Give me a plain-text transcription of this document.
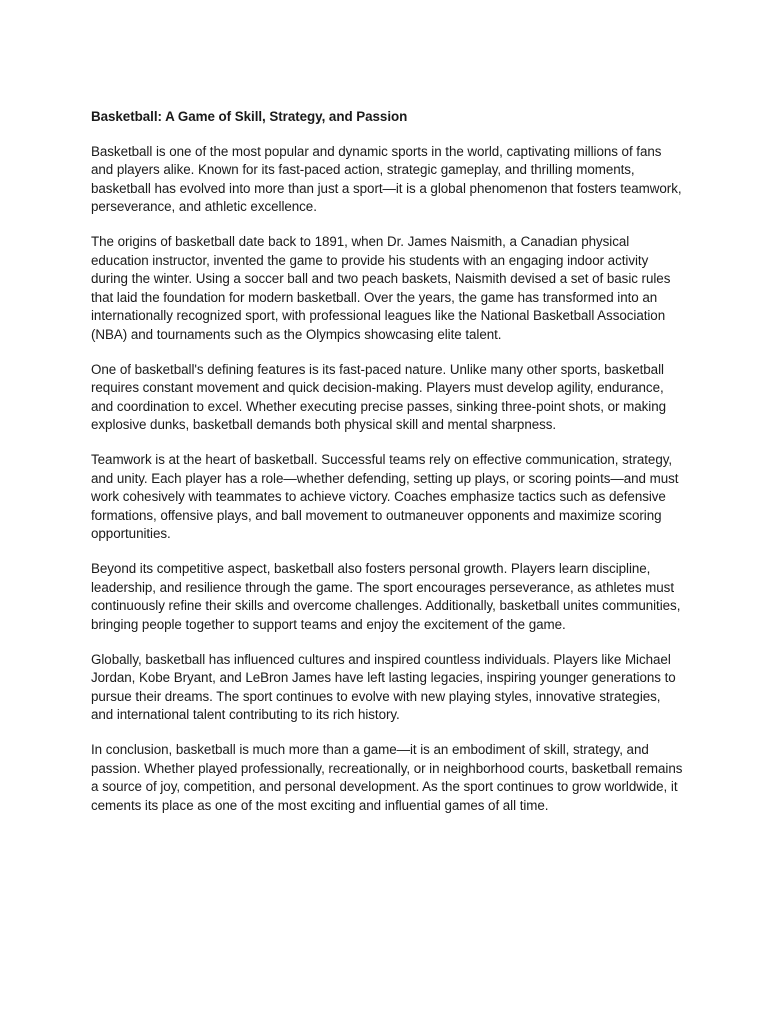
Basketball: A Game of Skill, Strategy, and Passion

Basketball is one of the most popular and dynamic sports in the world, captivating millions of fans and players alike. Known for its fast-paced action, strategic gameplay, and thrilling moments, basketball has evolved into more than just a sport—it is a global phenomenon that fosters teamwork, perseverance, and athletic excellence.

The origins of basketball date back to 1891, when Dr. James Naismith, a Canadian physical education instructor, invented the game to provide his students with an engaging indoor activity during the winter. Using a soccer ball and two peach baskets, Naismith devised a set of basic rules that laid the foundation for modern basketball. Over the years, the game has transformed into an internationally recognized sport, with professional leagues like the National Basketball Association (NBA) and tournaments such as the Olympics showcasing elite talent.

One of basketball's defining features is its fast-paced nature. Unlike many other sports, basketball requires constant movement and quick decision-making. Players must develop agility, endurance, and coordination to excel. Whether executing precise passes, sinking three-point shots, or making explosive dunks, basketball demands both physical skill and mental sharpness.

Teamwork is at the heart of basketball. Successful teams rely on effective communication, strategy, and unity. Each player has a role—whether defending, setting up plays, or scoring points—and must work cohesively with teammates to achieve victory. Coaches emphasize tactics such as defensive formations, offensive plays, and ball movement to outmaneuver opponents and maximize scoring opportunities.

Beyond its competitive aspect, basketball also fosters personal growth. Players learn discipline, leadership, and resilience through the game. The sport encourages perseverance, as athletes must continuously refine their skills and overcome challenges. Additionally, basketball unites communities, bringing people together to support teams and enjoy the excitement of the game.

Globally, basketball has influenced cultures and inspired countless individuals. Players like Michael Jordan, Kobe Bryant, and LeBron James have left lasting legacies, inspiring younger generations to pursue their dreams. The sport continues to evolve with new playing styles, innovative strategies, and international talent contributing to its rich history.

In conclusion, basketball is much more than a game—it is an embodiment of skill, strategy, and passion. Whether played professionally, recreationally, or in neighborhood courts, basketball remains a source of joy, competition, and personal development. As the sport continues to grow worldwide, it cements its place as one of the most exciting and influential games of all time.
